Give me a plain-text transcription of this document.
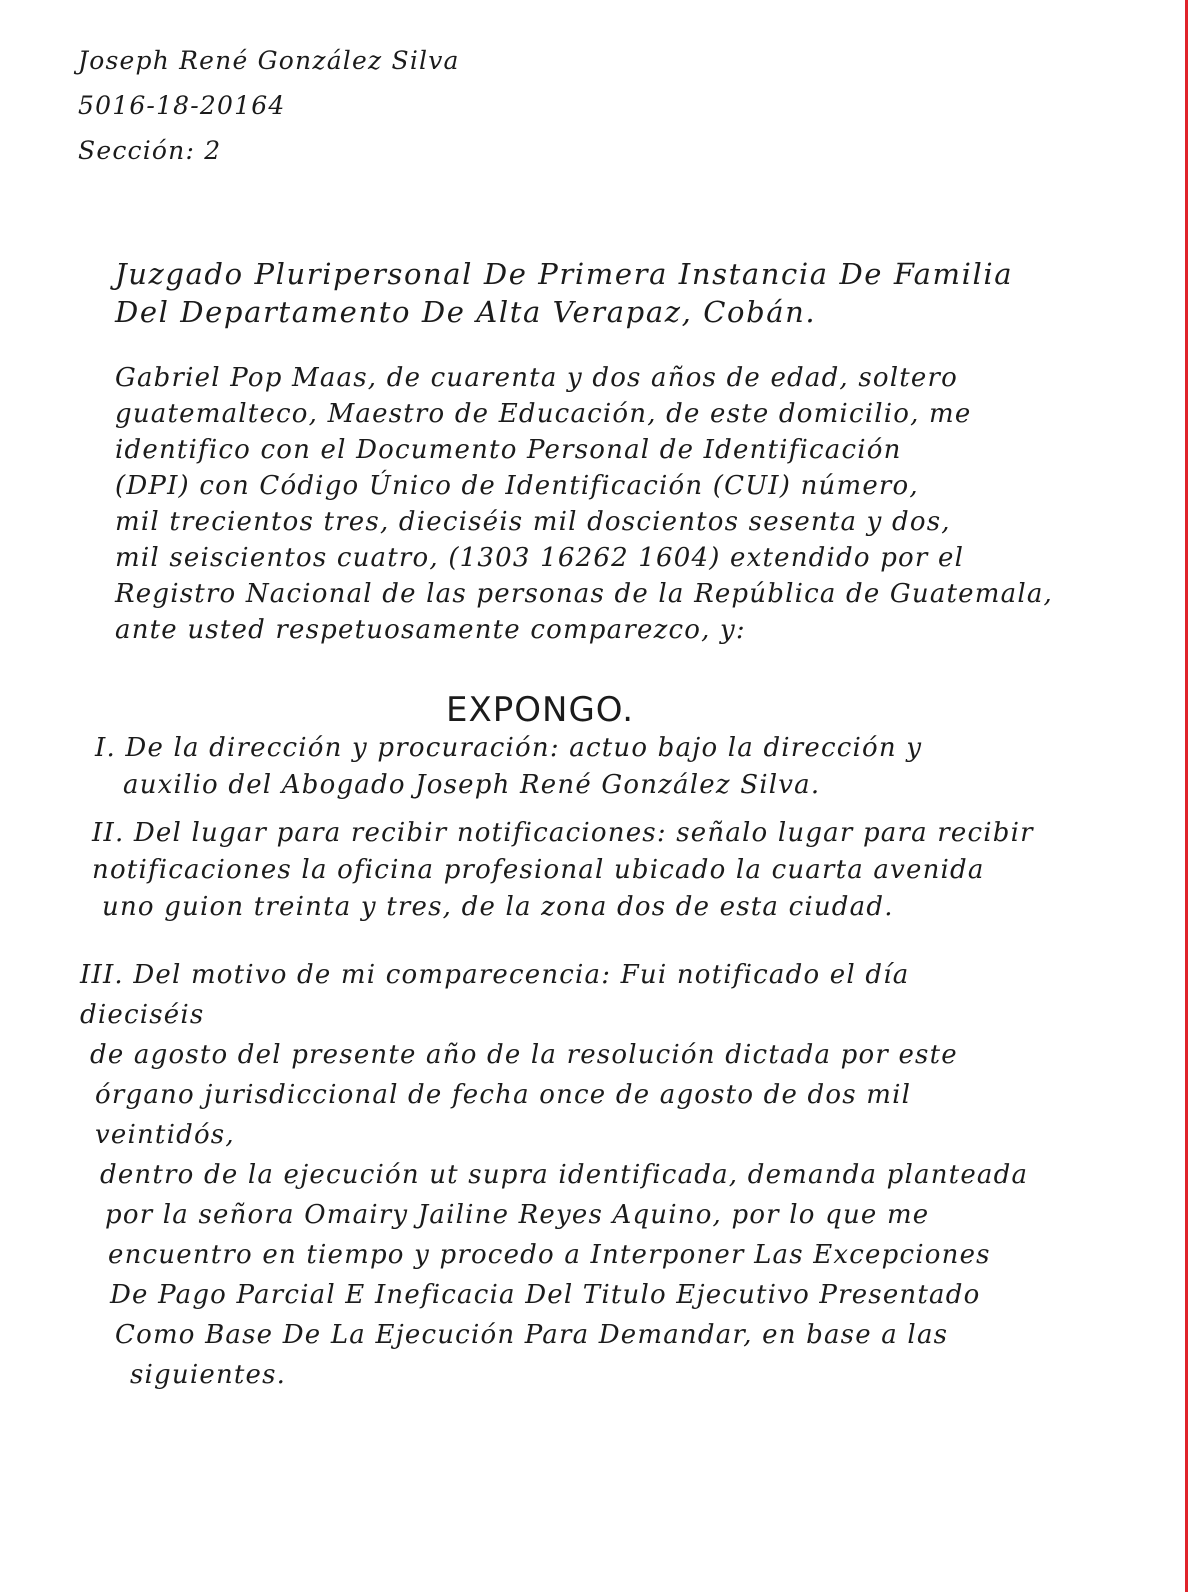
Joseph René González Silva

5016-18-20164

Sección: 2

Juzgado Pluripersonal De Primera Instancia De Familia

Del Departamento De Alta Verapaz, Cobán.

Gabriel Pop Maas, de cuarenta y dos años de edad, soltero

guatemalteco, Maestro de Educación, de este domicilio, me

identifico con el Documento Personal de Identificación

(DPI) con Código Único de Identificación (CUI) número,

mil trecientos tres, dieciséis mil doscientos sesenta y dos,

mil seiscientos cuatro, (1303 16262 1604) extendido por el

Registro Nacional de las personas de la República de Guatemala,

ante usted respetuosamente comparezco, y:

EXPONGO.

I. De la dirección y procuración: actuo bajo la dirección y

auxilio del Abogado Joseph René González Silva.

II. Del lugar para recibir notificaciones: señalo lugar para recibir

notificaciones la oficina profesional ubicado la cuarta avenida

uno guion treinta y tres, de la zona dos de esta ciudad.

III. Del motivo de mi comparecencia: Fui notificado el día dieciséis

de agosto del presente año de la resolución dictada por este

órgano jurisdiccional de fecha once de agosto de dos mil veintidós,

dentro de la ejecución ut supra identificada, demanda planteada

por la señora Omairy Jailine Reyes Aquino, por lo que me

encuentro en tiempo y procedo a Interponer Las Excepciones

De Pago Parcial E Ineficacia Del Titulo Ejecutivo Presentado

Como Base De La Ejecución Para Demandar, en base a las

siguientes.
